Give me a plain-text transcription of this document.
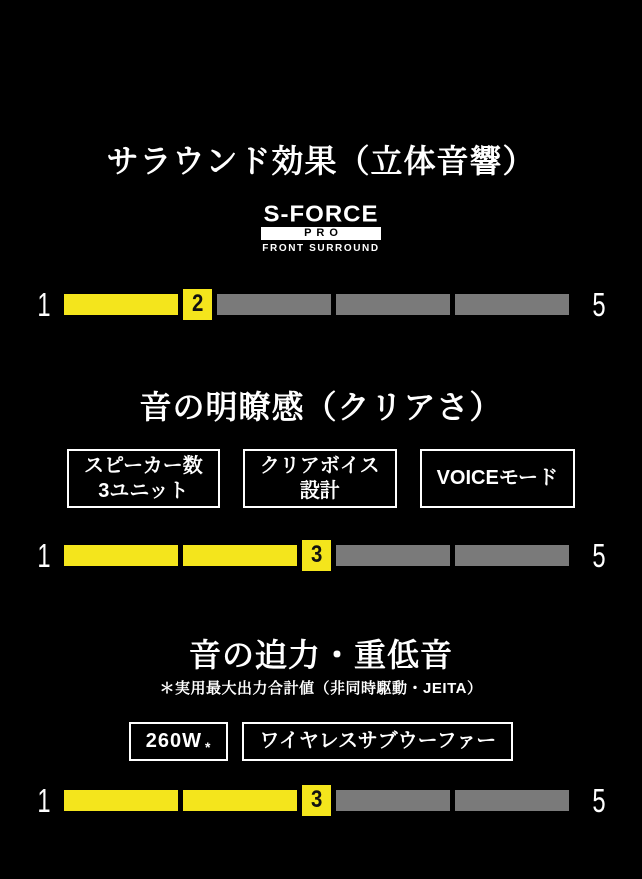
サラウンド効果（立体音響）
S-FORCE
PRO
FRONT SURROUND
1	2	5
音の明瞭感（クリアさ）
スピーカー数
3ユニット
クリアボイス
設計
VOICEモード
1	3	5
音の迫力・重低音
＊実用最大出力合計値（非同時駆動・JEITA）
260W * ワイヤレスサブウーファー
1	3	5
